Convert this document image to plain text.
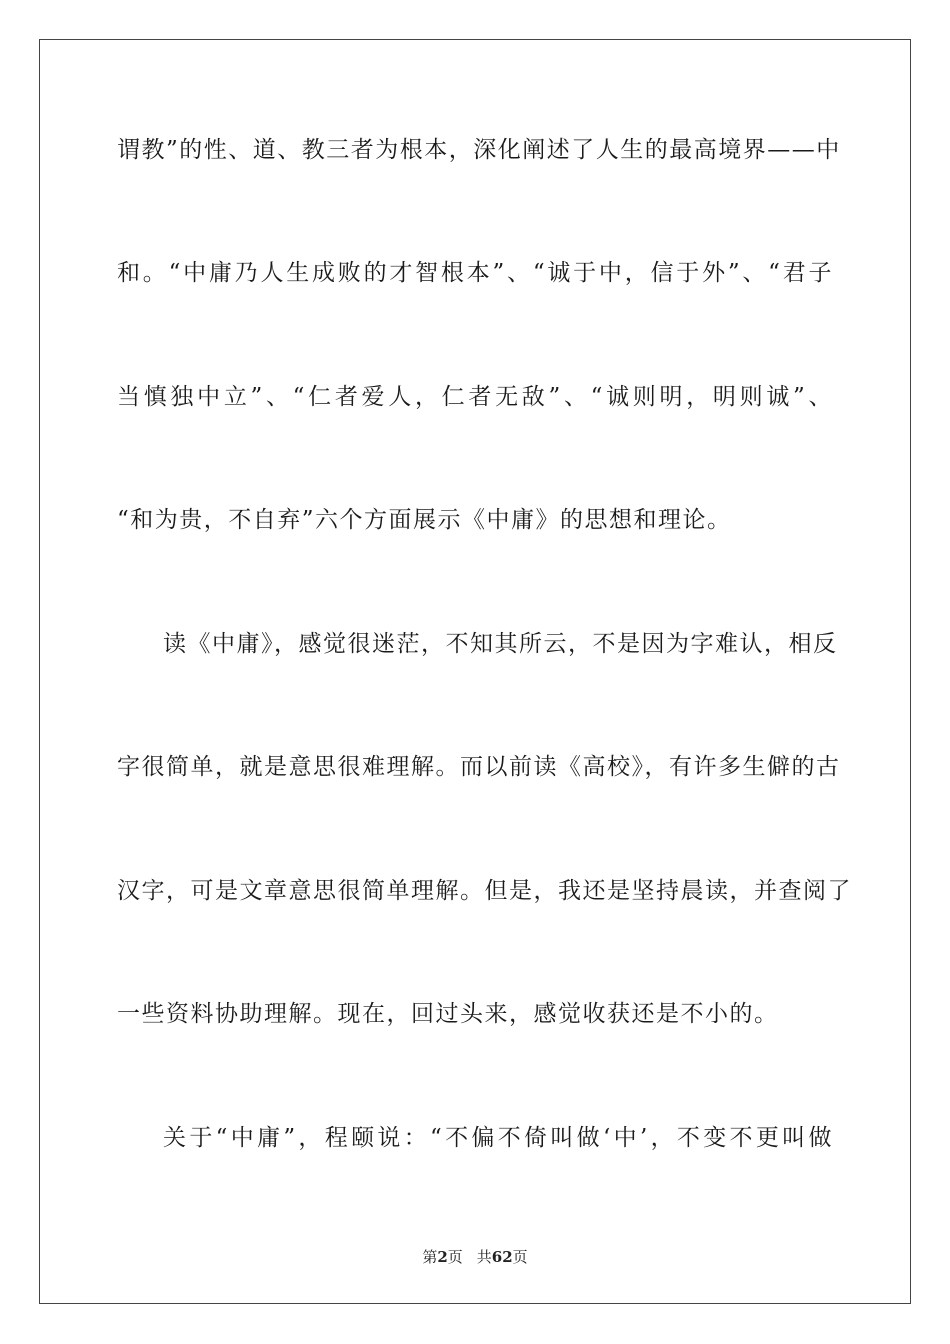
谓教”的性、道、教三者为根本，深化阐述了人生的最高境界——中
和。“中庸乃人生成败的才智根本”、“诚于中，信于外”、“君子
当慎独中立”、“仁者爱人，仁者无敌”、“诚则明，明则诚”、
“和为贵，不自弃”六个方面展示《中庸》的思想和理论。
读《中庸》，感觉很迷茫，不知其所云，不是因为字难认，相反
字很简单，就是意思很难理解。而以前读《高校》，有许多生僻的古
汉字，可是文章意思很简单理解。但是，我还是坚持晨读，并查阅了
一些资料协助理解。现在，回过头来，感觉收获还是不小的。
关于“中庸”，程颐说：“不偏不倚叫做‘中’，不变不更叫做
第2页 共62页
